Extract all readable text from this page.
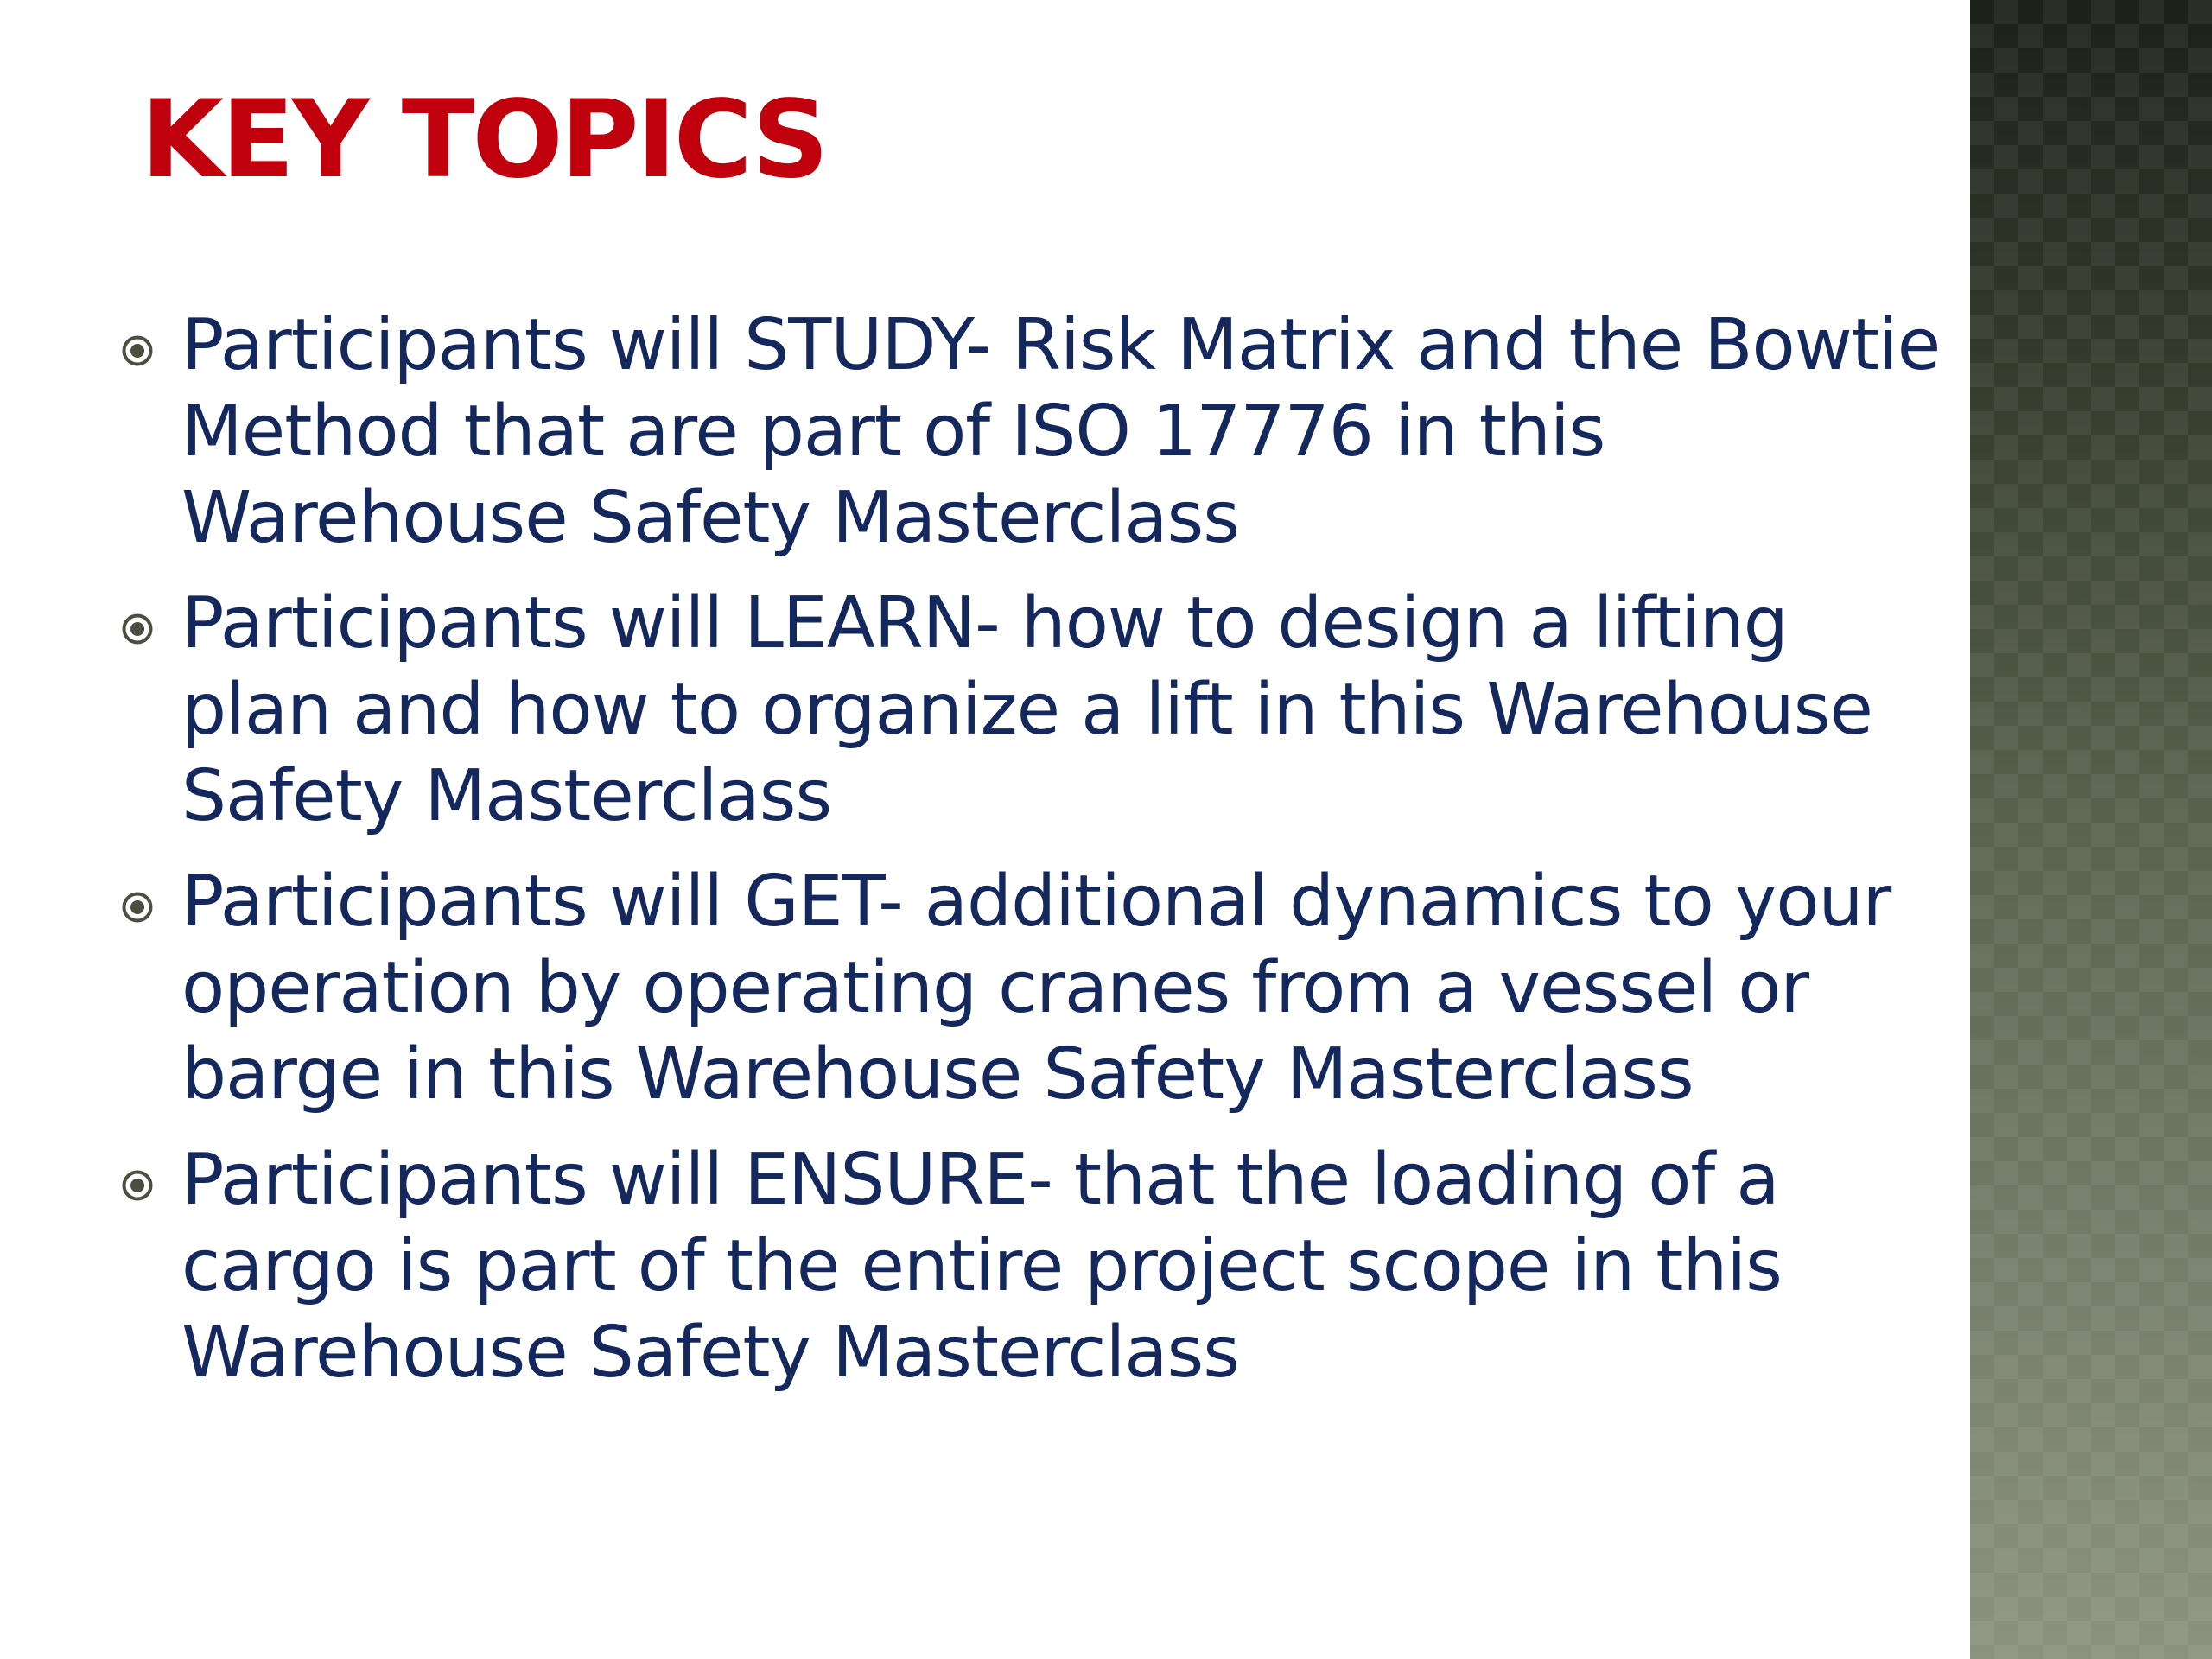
KEY TOPICS
Participants will STUDY- Risk Matrix and the Bowtie Method that are part of ISO 17776 in this Warehouse Safety Masterclass
Participants will LEARN- how to design a lifting plan and how to organize a lift in this Warehouse Safety Masterclass
Participants will GET- additional dynamics to your operation by operating cranes from a vessel or barge in this Warehouse Safety Masterclass
Participants will ENSURE- that the loading of a cargo is part of the entire project scope in this Warehouse Safety Masterclass
